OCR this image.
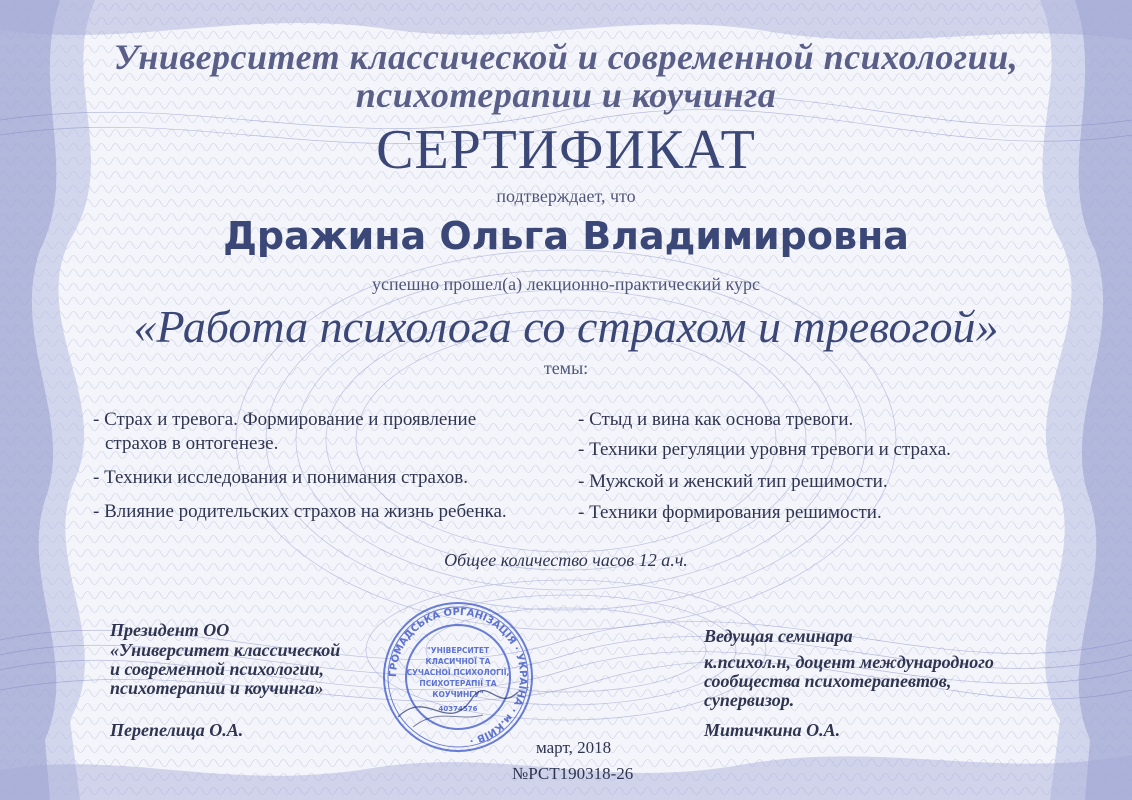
Университет классической и современной психологии,
психотерапии и коучинга
СЕРТИФИКАТ
подтверждает, что
Дражина Ольга Владимировна
успешно прошел(а) лекционно-практический курс
«Работа психолога со страхом и тревогой»
темы:
- Страх и тревога. Формирование и проявление
страхов в онтогенезе.
- Техники исследования и понимания страхов.
- Влияние родительских страхов на жизнь ребенка.
- Стыд и вина как основа тревоги.
- Техники регуляции уровня тревоги и страха.
- Мужской и женский тип решимости.
- Техники формирования решимости.
Общее количество часов 12 а.ч.
Президент ОО
«Университет классической
и современной психологии,
психотерапии и коучинга»
Перепелица О.А.
Ведущая семинара
к.психол.н, доцент международного
сообщества психотерапевтов,
супервизор.
Митичкина О.А.
март, 2018
№РСТ190318-26
ГРОМАДСЬКА ОРГАНІЗАЦІЯ · УКРАЇНА · м.КИЇВ ·
"УНІВЕРСИТЕТ
КЛАСИЧНОЇ ТА
СУЧАСНОЇ ПСИХОЛОГІЇ,
ПСИХОТЕРАПІЇ ТА
КОУЧИНГУ"
40374576
